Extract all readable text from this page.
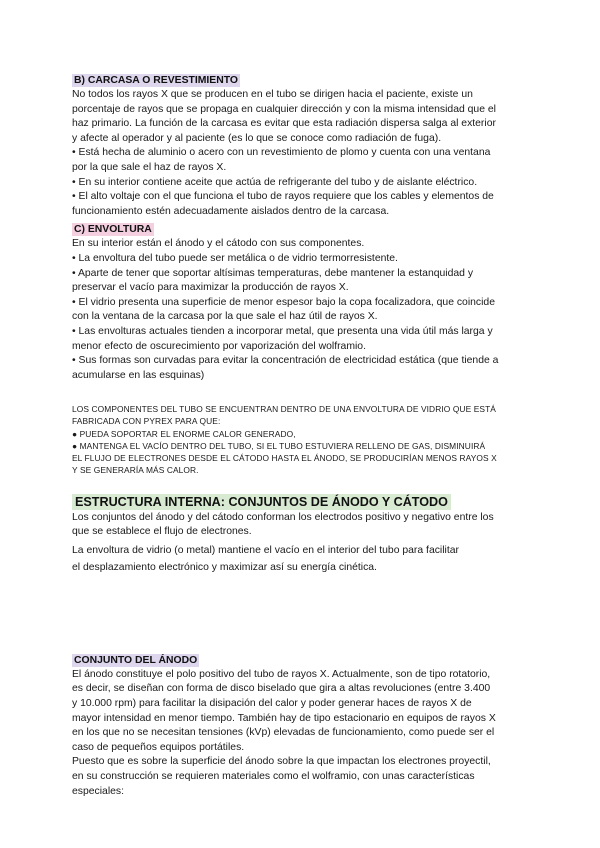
B) CARCASA O REVESTIMIENTO

No todos los rayos X que se producen en el tubo se dirigen hacia el paciente, existe un

porcentaje de rayos que se propaga en cualquier dirección y con la misma intensidad que el

haz primario. La función de la carcasa es evitar que esta radiación dispersa salga al exterior

y afecte al operador y al paciente (es lo que se conoce como radiación de fuga).

• Está hecha de aluminio o acero con un revestimiento de plomo y cuenta con una ventana

por la que sale el haz de rayos X.

• En su interior contiene aceite que actúa de refrigerante del tubo y de aislante eléctrico.

• El alto voltaje con el que funciona el tubo de rayos requiere que los cables y elementos de

funcionamiento estén adecuadamente aislados dentro de la carcasa.

C) ENVOLTURA

En su interior están el ánodo y el cátodo con sus componentes.

• La envoltura del tubo puede ser metálica o de vidrio termorresistente.

• Aparte de tener que soportar altísimas temperaturas, debe mantener la estanquidad y

preservar el vacío para maximizar la producción de rayos X.

• El vidrio presenta una superficie de menor espesor bajo la copa focalizadora, que coincide

con la ventana de la carcasa por la que sale el haz útil de rayos X.

• Las envolturas actuales tienden a incorporar metal, que presenta una vida útil más larga y

menor efecto de oscurecimiento por vaporización del wolframio.

• Sus formas son curvadas para evitar la concentración de electricidad estática (que tiende a

acumularse en las esquinas)

LOS COMPONENTES DEL TUBO SE ENCUENTRAN DENTRO DE UNA ENVOLTURA DE VIDRIO QUE ESTÁ

FABRICADA CON PYREX PARA QUE:

● PUEDA SOPORTAR EL ENORME CALOR GENERADO,

● MANTENGA EL VACÍO DENTRO DEL TUBO, SI EL TUBO ESTUVIERA RELLENO DE GAS, DISMINUIRÁ

EL FLUJO DE ELECTRONES DESDE EL CÁTODO HASTA EL ÁNODO, SE PRODUCIRÍAN MENOS RAYOS X

Y SE GENERARÍA MÁS CALOR.

ESTRUCTURA INTERNA: CONJUNTOS DE ÁNODO Y CÁTODO

Los conjuntos del ánodo y del cátodo conforman los electrodos positivo y negativo entre los

que se establece el flujo de electrones.

La envoltura de vidrio (o metal) mantiene el vacío en el interior del tubo para facilitar

el desplazamiento electrónico y maximizar así su energía cinética.

CONJUNTO DEL ÁNODO

El ánodo constituye el polo positivo del tubo de rayos X. Actualmente, son de tipo rotatorio,

es decir, se diseñan con forma de disco biselado que gira a altas revoluciones (entre 3.400

y 10.000 rpm) para facilitar la disipación del calor y poder generar haces de rayos X de

mayor intensidad en menor tiempo. También hay de tipo estacionario en equipos de rayos X

en los que no se necesitan tensiones (kVp) elevadas de funcionamiento, como puede ser el

caso de pequeños equipos portátiles.

Puesto que es sobre la superficie del ánodo sobre la que impactan los electrones proyectil,

en su construcción se requieren materiales como el wolframio, con unas características

especiales:
